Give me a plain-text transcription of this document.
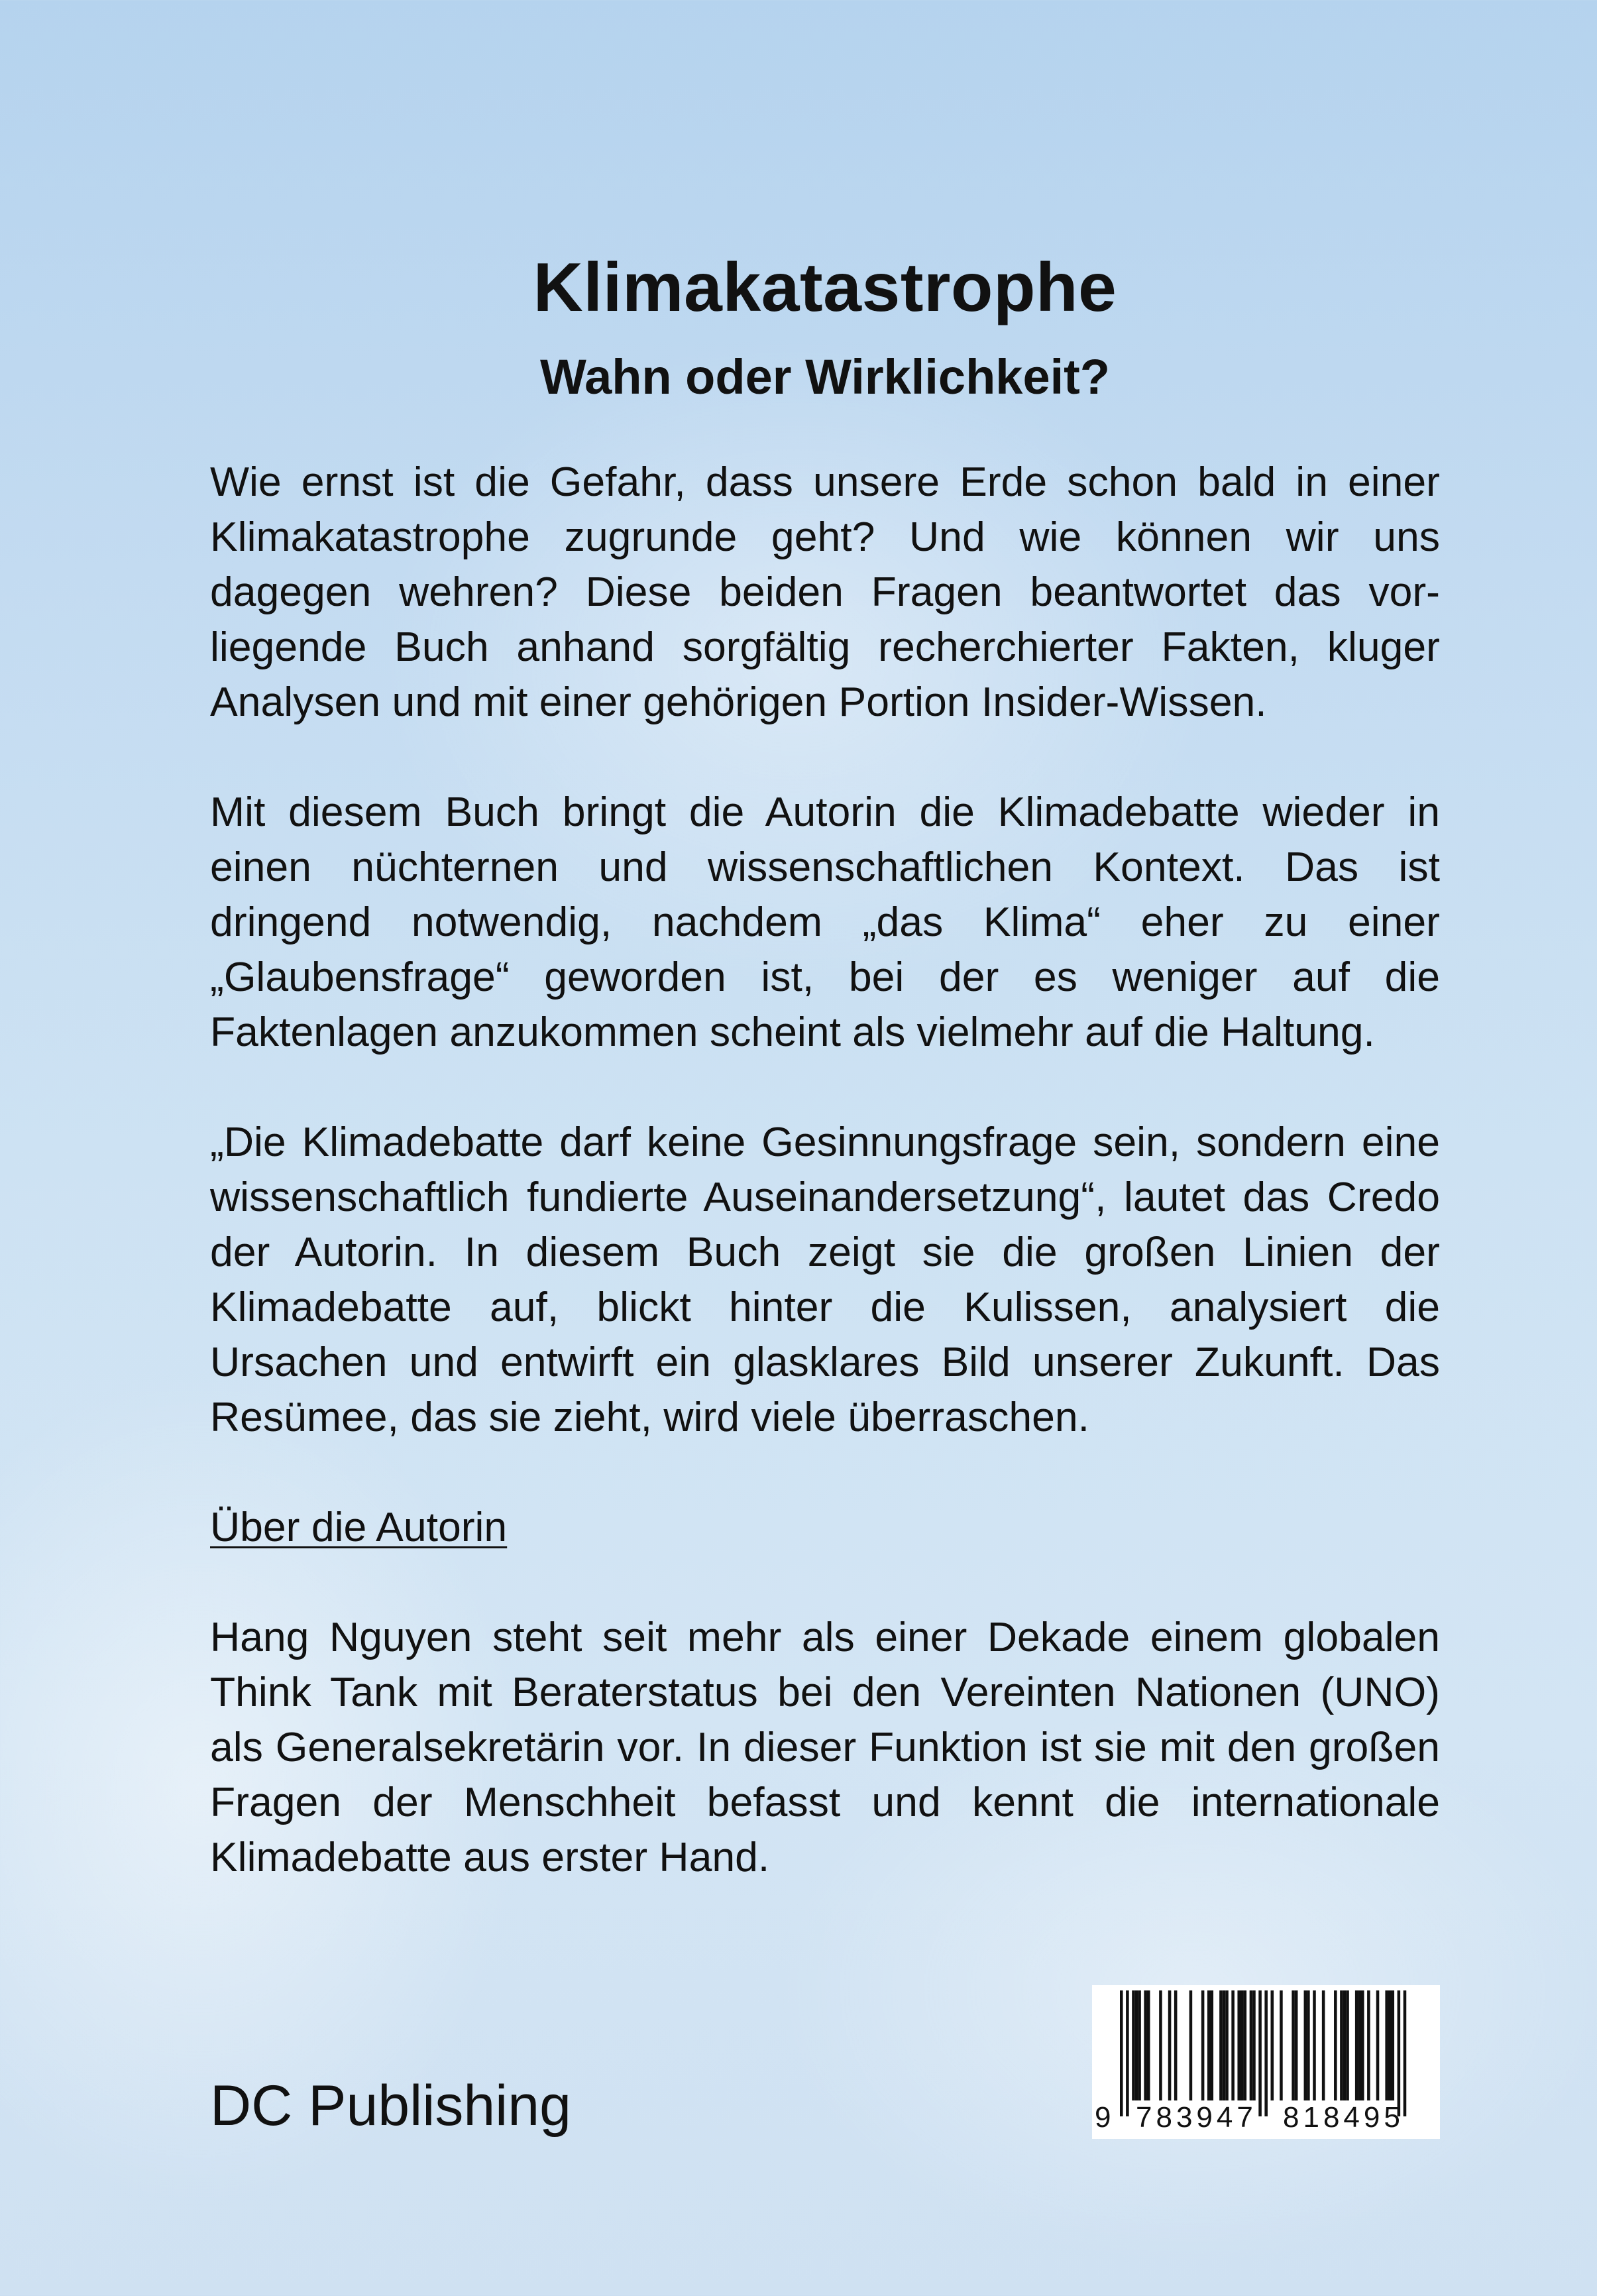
Klimakatastrophe
Wahn oder Wirklichkeit?

Wie ernst ist die Gefahr, dass unsere Erde schon bald in einer Klimakatastrophe zugrunde geht? Und wie können wir uns dagegen wehren? Diese beiden Fragen beantwortet das vorliegende Buch anhand sorgfältig recherchierter Fakten, kluger Analysen und mit einer gehörigen Portion Insider-Wissen.

Mit diesem Buch bringt die Autorin die Klimadebatte wieder in einen nüchternen und wissenschaftlichen Kontext. Das ist dringend notwendig, nachdem „das Klima“ eher zu einer „Glaubensfrage“ geworden ist, bei der es weniger auf die Faktenlagen anzukommen scheint als vielmehr auf die Haltung.

„Die Klimadebatte darf keine Gesinnungsfrage sein, sondern eine wissenschaftlich fundierte Auseinandersetzung“, lautet das Credo der Autorin. In diesem Buch zeigt sie die großen Linien der Klimadebatte auf, blickt hinter die Kulissen, analysiert die Ursachen und entwirft ein glasklares Bild unserer Zukunft. Das Resümee, das sie zieht, wird viele überraschen.

Über die Autorin

Hang Nguyen steht seit mehr als einer Dekade einem globalen Think Tank mit Beraterstatus bei den Vereinten Nationen (UNO) als Generalsekretärin vor. In dieser Funktion ist sie mit den großen Fragen der Menschheit befasst und kennt die internationale Klimadebatte aus erster Hand.

DC Publishing	9 783947 818495
